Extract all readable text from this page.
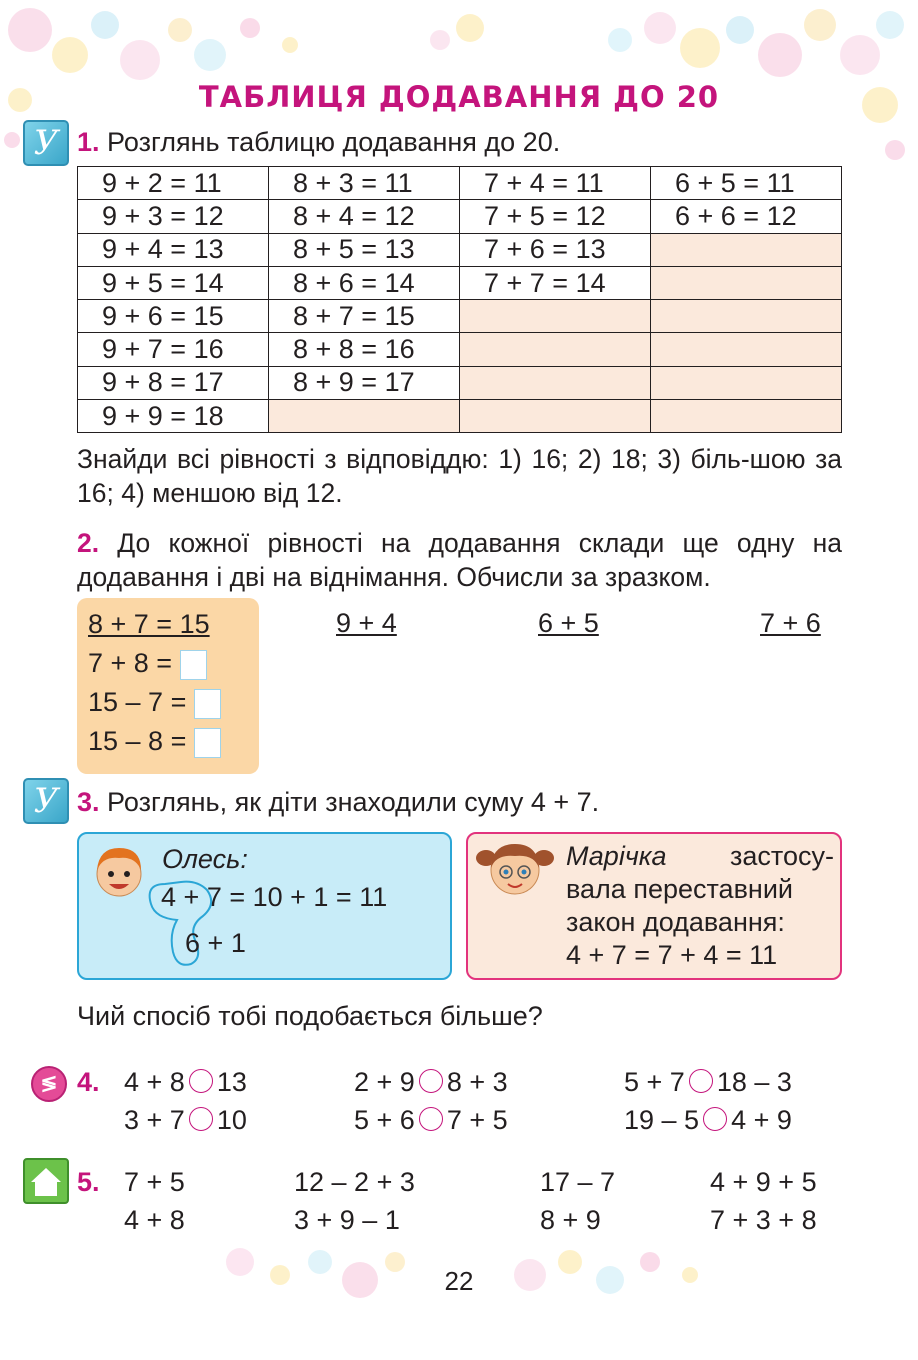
ТАБЛИЦЯ ДОДАВАННЯ ДО 20
У 1. Розглянь таблицю додавання до 20.
9 + 2 = 11	8 + 3 = 11	7 + 4 = 11	6 + 5 = 11
9 + 3 = 12	8 + 4 = 12	7 + 5 = 12	6 + 6 = 12
9 + 4 = 13	8 + 5 = 13	7 + 6 = 13	
9 + 5 = 14	8 + 6 = 14	7 + 7 = 14	
9 + 6 = 15	8 + 7 = 15		
9 + 7 = 16	8 + 8 = 16		
9 + 8 = 17	8 + 9 = 17		
9 + 9 = 18			
Знайди всі рівності з відповіддю: 1) 16; 2) 18; 3) біль-шою за 16; 4) меншою від 12.
2. До кожної рівності на додавання склади ще одну на додавання і дві на віднімання. Обчисли за зразком.
8 + 7 = 15
7 + 8 =
15 – 7 =
15 – 8 =
9 + 4	6 + 5	7 + 6
У 3. Розглянь, як діти знаходили суму 4 + 7.
Олесь:
4 + 7 = 10 + 1 = 11
6 + 1
Марічка застосу-
вала переставний
закон додавання:
4 + 7 = 7 + 4 = 11
Чий спосіб тобі подобається більше?
≶ 4. 4 + 8 13	2 + 9 8 + 3	5 + 7 18 – 3
3 + 7 10	5 + 6 7 + 5	19 – 5 4 + 9
5. 7 + 5	12 – 2 + 3	17 – 7	4 + 9 + 5
4 + 8	3 + 9 – 1	8 + 9	7 + 3 + 8
22
